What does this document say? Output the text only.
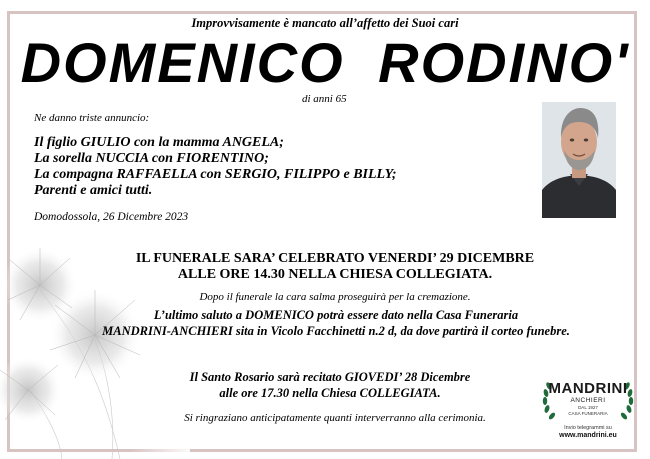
Improvvisamente è mancato all’affetto dei Suoi cari
DOMENICO RODINO'
di anni 65
Ne danno triste annuncio:
Il figlio GIULIO con la mamma ANGELA;
La sorella NUCCIA con FIORENTINO;
La compagna RAFFAELLA con SERGIO, FILIPPO e BILLY;
Parenti e amici tutti.
Domodossola, 26 Dicembre 2023
IL FUNERALE SARA’ CELEBRATO VENERDI’ 29 DICEMBRE
ALLE ORE 14.30 NELLA CHIESA COLLEGIATA.
Dopo il funerale la cara salma proseguirà per la cremazione.
L’ultimo saluto a DOMENICO potrà essere dato nella Casa Funeraria
MANDRINI-ANCHIERI sita in Vicolo Facchinetti n.2 d, da dove partirà il corteo funebre.
Il Santo Rosario sarà recitato GIOVEDI’ 28 Dicembre
alle ore 17.30 nella Chiesa COLLEGIATA.
Si ringraziano anticipatamente quanti interverranno alla cerimonia.
MANDRINI
ANCHIERI
DAL 1927
CASA FUNERARIA
Invio telegrammi su
www.mandrini.eu
